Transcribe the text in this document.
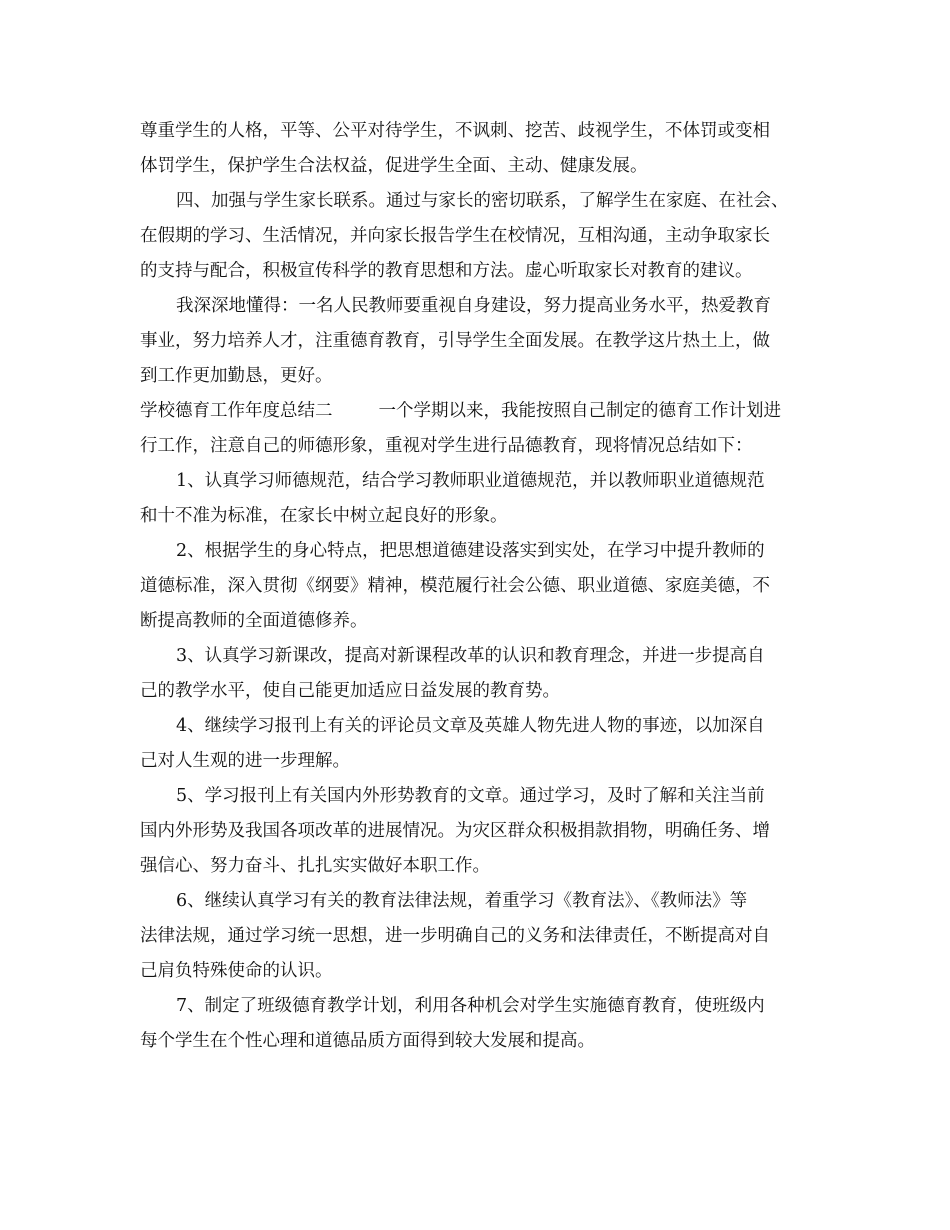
尊重学生的人格，平等、公平对待学生，不讽刺、挖苦、歧视学生，不体罚或变相
体罚学生，保护学生合法权益，促进学生全面、主动、健康发展。

四、加强与学生家长联系。通过与家长的密切联系，了解学生在家庭、在社会、
在假期的学习、生活情况，并向家长报告学生在校情况，互相沟通，主动争取家长
的支持与配合，积极宣传科学的教育思想和方法。虚心听取家长对教育的建议。

我深深地懂得：一名人民教师要重视自身建设，努力提高业务水平，热爱教育
事业，努力培养人才，注重德育教育，引导学生全面发展。在教学这片热土上，做
到工作更加勤恳，更好。

学校德育工作年度总结二	一个学期以来，我能按照自己制定的德育工作计划进
行工作，注意自己的师德形象，重视对学生进行品德教育，现将情况总结如下：

1、认真学习师德规范，结合学习教师职业道德规范，并以教师职业道德规范
和十不准为标准，在家长中树立起良好的形象。

2、根据学生的身心特点，把思想道德建设落实到实处，在学习中提升教师的
道德标准，深入贯彻《纲要》精神，模范履行社会公德、职业道德、家庭美德，不
断提高教师的全面道德修养。

3、认真学习新课改，提高对新课程改革的认识和教育理念，并进一步提高自
己的教学水平，使自己能更加适应日益发展的教育势。

4、继续学习报刊上有关的评论员文章及英雄人物先进人物的事迹，以加深自
己对人生观的进一步理解。

5、学习报刊上有关国内外形势教育的文章。通过学习，及时了解和关注当前
国内外形势及我国各项改革的进展情况。为灾区群众积极捐款捐物，明确任务、增
强信心、努力奋斗、扎扎实实做好本职工作。

6、继续认真学习有关的教育法律法规，着重学习《教育法》、《教师法》等
法律法规，通过学习统一思想，进一步明确自己的义务和法律责任，不断提高对自
己肩负特殊使命的认识。

7、制定了班级德育教学计划，利用各种机会对学生实施德育教育，使班级内
每个学生在个性心理和道德品质方面得到较大发展和提高。
